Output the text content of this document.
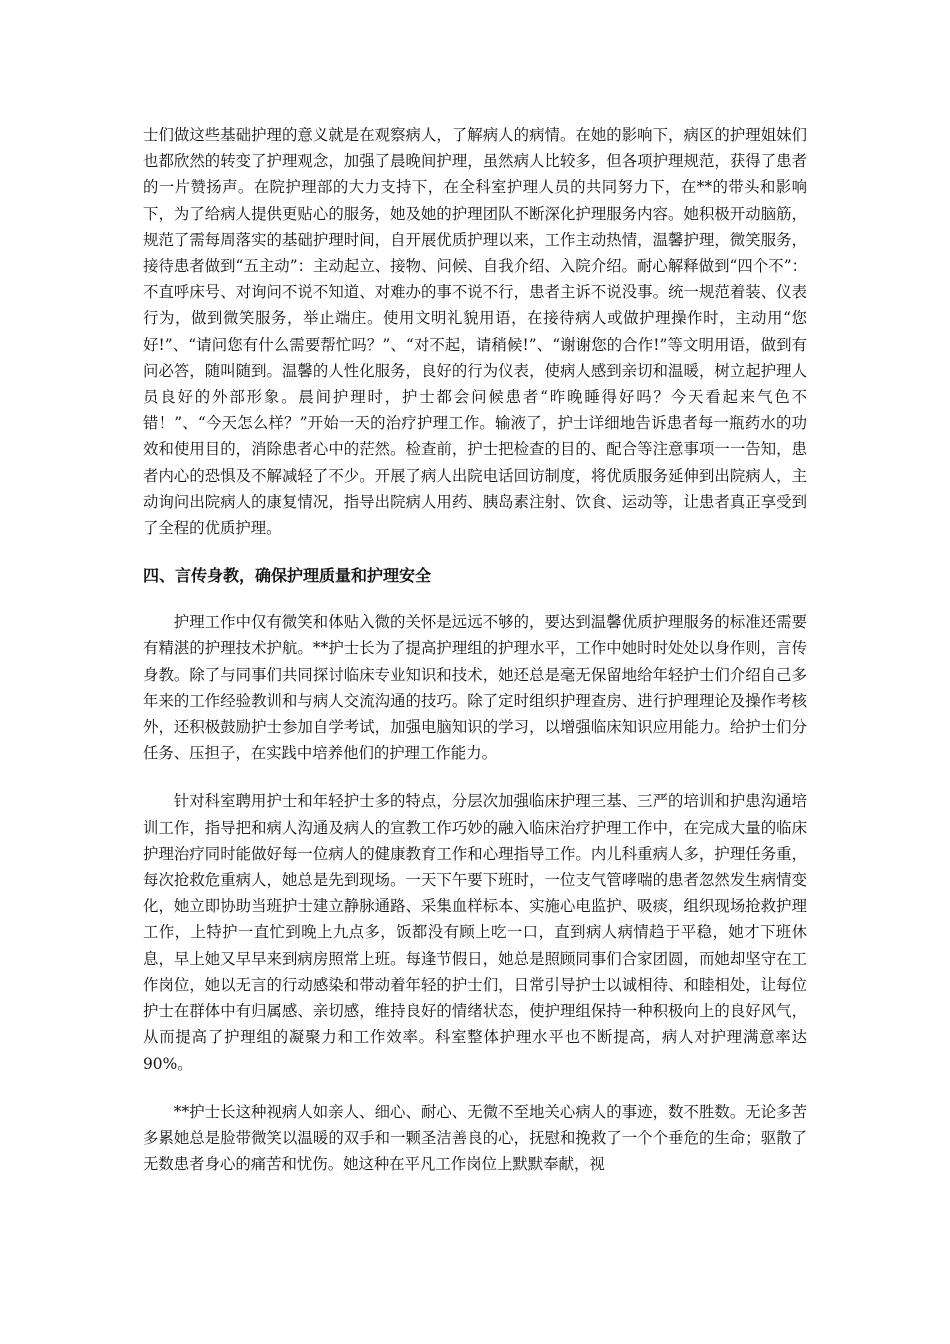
士们做这些基础护理的意义就是在观察病人，了解病人的病情。在她的影响下，病区的护理姐妹们也都欣然的转变了护理观念，加强了晨晚间护理，虽然病人比较多，但各项护理规范，获得了患者的一片赞扬声。在院护理部的大力支持下，在全科室护理人员的共同努力下，在**的带头和影响下，为了给病人提供更贴心的服务，她及她的护理团队不断深化护理服务内容。她积极开动脑筋，规范了需每周落实的基础护理时间，自开展优质护理以来，工作主动热情，温馨护理，微笑服务，接待患者做到“五主动”：主动起立、接物、问候、自我介绍、入院介绍。耐心解释做到“四个不”：不直呼床号、对询问不说不知道、对难办的事不说不行，患者主诉不说没事。统一规范着装、仪表行为，做到微笑服务，举止端庄。使用文明礼貌用语，在接待病人或做护理操作时，主动用“您好!”、“请问您有什么需要帮忙吗？”、“对不起，请稍候!”、“谢谢您的合作!”等文明用语，做到有问必答，随叫随到。温馨的人性化服务，良好的行为仪表，使病人感到亲切和温暖，树立起护理人员良好的外部形象。晨间护理时，护士都会问候患者“昨晚睡得好吗？今天看起来气色不错！”、“今天怎么样？”开始一天的治疗护理工作。输液了，护士详细地告诉患者每一瓶药水的功效和使用目的，消除患者心中的茫然。检查前，护士把检查的目的、配合等注意事项一一告知，患者内心的恐惧及不解减轻了不少。开展了病人出院电话回访制度，将优质服务延伸到出院病人，主动询问出院病人的康复情况，指导出院病人用药、胰岛素注射、饮食、运动等，让患者真正享受到了全程的优质护理。

四、言传身教，确保护理质量和护理安全

护理工作中仅有微笑和体贴入微的关怀是远远不够的，要达到温馨优质护理服务的标准还需要有精湛的护理技术护航。**护士长为了提高护理组的护理水平，工作中她时时处处以身作则，言传身教。除了与同事们共同探讨临床专业知识和技术，她还总是毫无保留地给年轻护士们介绍自己多年来的工作经验教训和与病人交流沟通的技巧。除了定时组织护理查房、进行护理理论及操作考核外，还积极鼓励护士参加自学考试，加强电脑知识的学习，以增强临床知识应用能力。给护士们分任务、压担子，在实践中培养他们的护理工作能力。

针对科室聘用护士和年轻护士多的特点，分层次加强临床护理三基、三严的培训和护患沟通培训工作，指导把和病人沟通及病人的宣教工作巧妙的融入临床治疗护理工作中，在完成大量的临床护理治疗同时能做好每一位病人的健康教育工作和心理指导工作。内儿科重病人多，护理任务重，每次抢救危重病人，她总是先到现场。一天下午要下班时，一位支气管哮喘的患者忽然发生病情变化，她立即协助当班护士建立静脉通路、采集血样标本、实施心电监护、吸痰，组织现场抢救护理工作，上特护一直忙到晚上九点多，饭都没有顾上吃一口，直到病人病情趋于平稳，她才下班休息，早上她又早早来到病房照常上班。每逢节假日，她总是照顾同事们合家团圆，而她却坚守在工作岗位，她以无言的行动感染和带动着年轻的护士们，日常引导护士以诚相待、和睦相处，让每位护士在群体中有归属感、亲切感，维持良好的情绪状态，使护理组保持一种积极向上的良好风气，从而提高了护理组的凝聚力和工作效率。科室整体护理水平也不断提高，病人对护理满意率达 90%。

**护士长这种视病人如亲人、细心、耐心、无微不至地关心病人的事迹，数不胜数。无论多苦多累她总是脸带微笑以温暖的双手和一颗圣洁善良的心，抚慰和挽救了一个个垂危的生命；驱散了无数患者身心的痛苦和忧伤。她这种在平凡工作岗位上默默奉献，视
